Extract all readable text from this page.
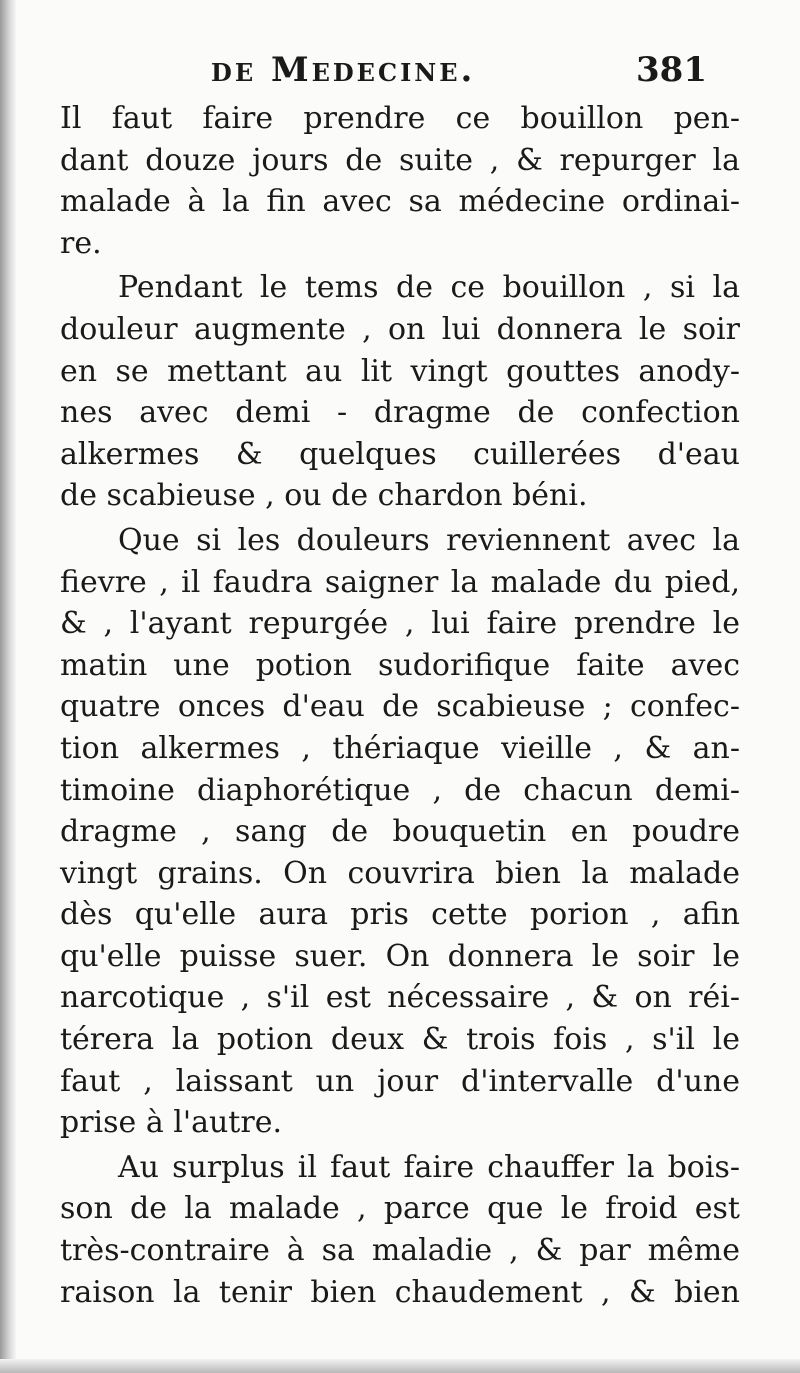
de Medecine.	381
Il faut faire prendre ce bouillon pen-
dant douze jours de suite , & repurger la
malade à la fin avec sa médecine ordinai-
re.
Pendant le tems de ce bouillon , si la
douleur augmente , on lui donnera le soir
en se mettant au lit vingt gouttes anody-
nes avec demi - dragme de confection
alkermes & quelques cuillerées d'eau
de scabieuse , ou de chardon béni.
Que si les douleurs reviennent avec la
fievre , il faudra saigner la malade du pied,
& , l'ayant repurgée , lui faire prendre le
matin une potion sudorifique faite avec
quatre onces d'eau de scabieuse ; confec-
tion alkermes , thériaque vieille , & an-
timoine diaphorétique , de chacun demi-
dragme , sang de bouquetin en poudre
vingt grains. On couvrira bien la malade
dès qu'elle aura pris cette porion , afin
qu'elle puisse suer. On donnera le soir le
narcotique , s'il est nécessaire , & on réi-
térera la potion deux & trois fois , s'il le
faut , laissant un jour d'intervalle d'une
prise à l'autre.
Au surplus il faut faire chauffer la bois-
son de la malade , parce que le froid est
très-contraire à sa maladie , & par même
raison la tenir bien chaudement , & bien
